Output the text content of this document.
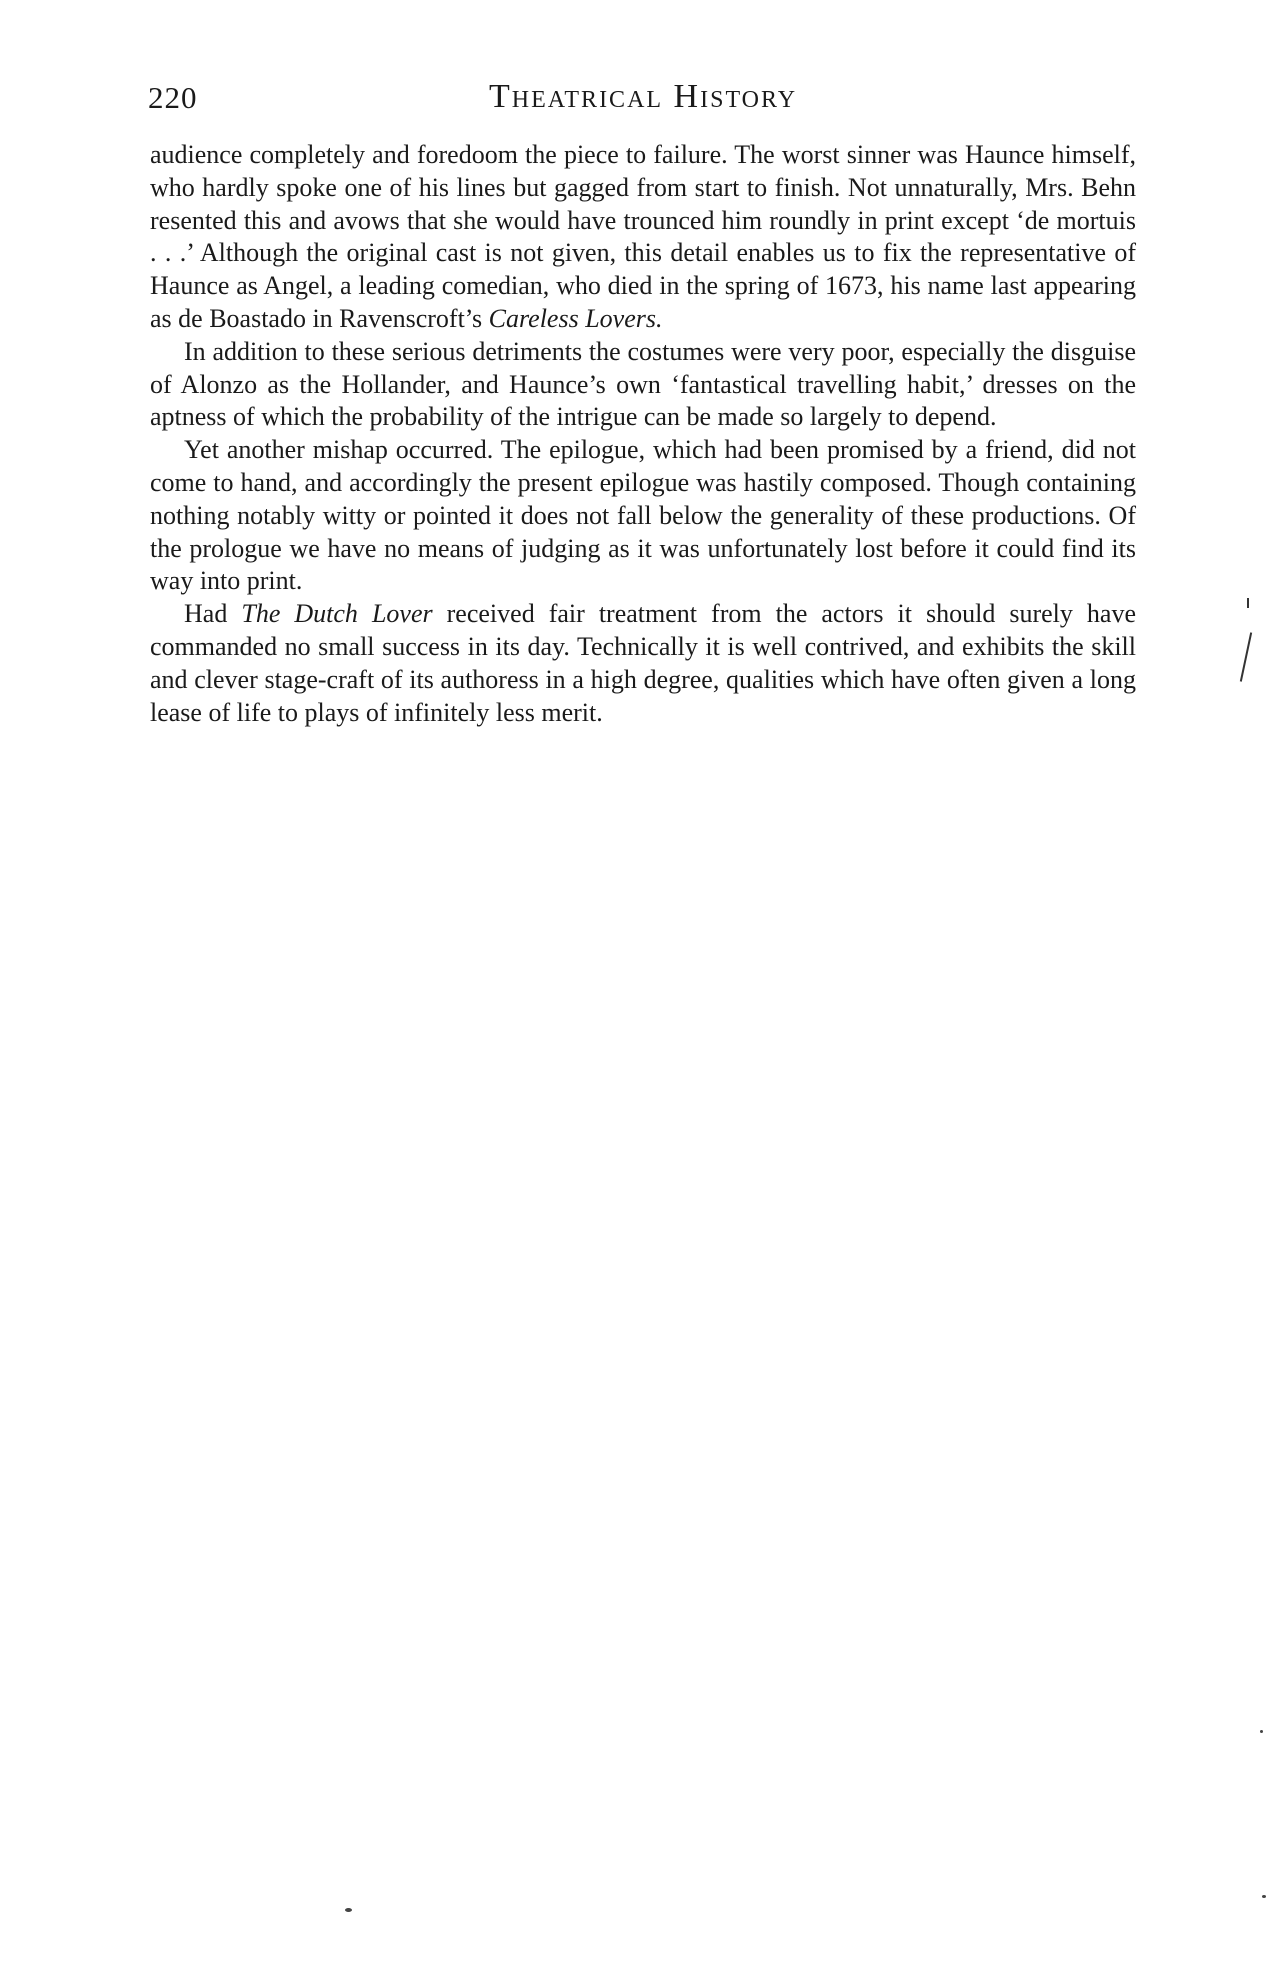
220	Theatrical History

audience completely and foredoom the piece to failure. The worst sinner was Haunce himself, who hardly spoke one of his lines but gagged from start to finish. Not unnaturally, Mrs. Behn resented this and avows that she would have trounced him roundly in print except ‘de mortuis . . .’ Although the original cast is not given, this detail enables us to fix the representative of Haunce as Angel, a leading comedian, who died in the spring of 1673, his name last appearing as de Boastado in Ravenscroft’s Careless Lovers.

In addition to these serious detriments the costumes were very poor, especially the disguise of Alonzo as the Hollander, and Haunce’s own ‘fantastical travelling habit,’ dresses on the aptness of which the probability of the intrigue can be made so largely to depend.

Yet another mishap occurred. The epilogue, which had been promised by a friend, did not come to hand, and accordingly the present epilogue was hastily composed. Though containing nothing notably witty or pointed it does not fall below the generality of these productions. Of the prologue we have no means of judging as it was unfortunately lost before it could find its way into print.

Had The Dutch Lover received fair treatment from the actors it should surely have commanded no small success in its day. Technically it is well contrived, and exhibits the skill and clever stage-craft of its authoress in a high degree, qualities which have often given a long lease of life to plays of infinitely less merit.
